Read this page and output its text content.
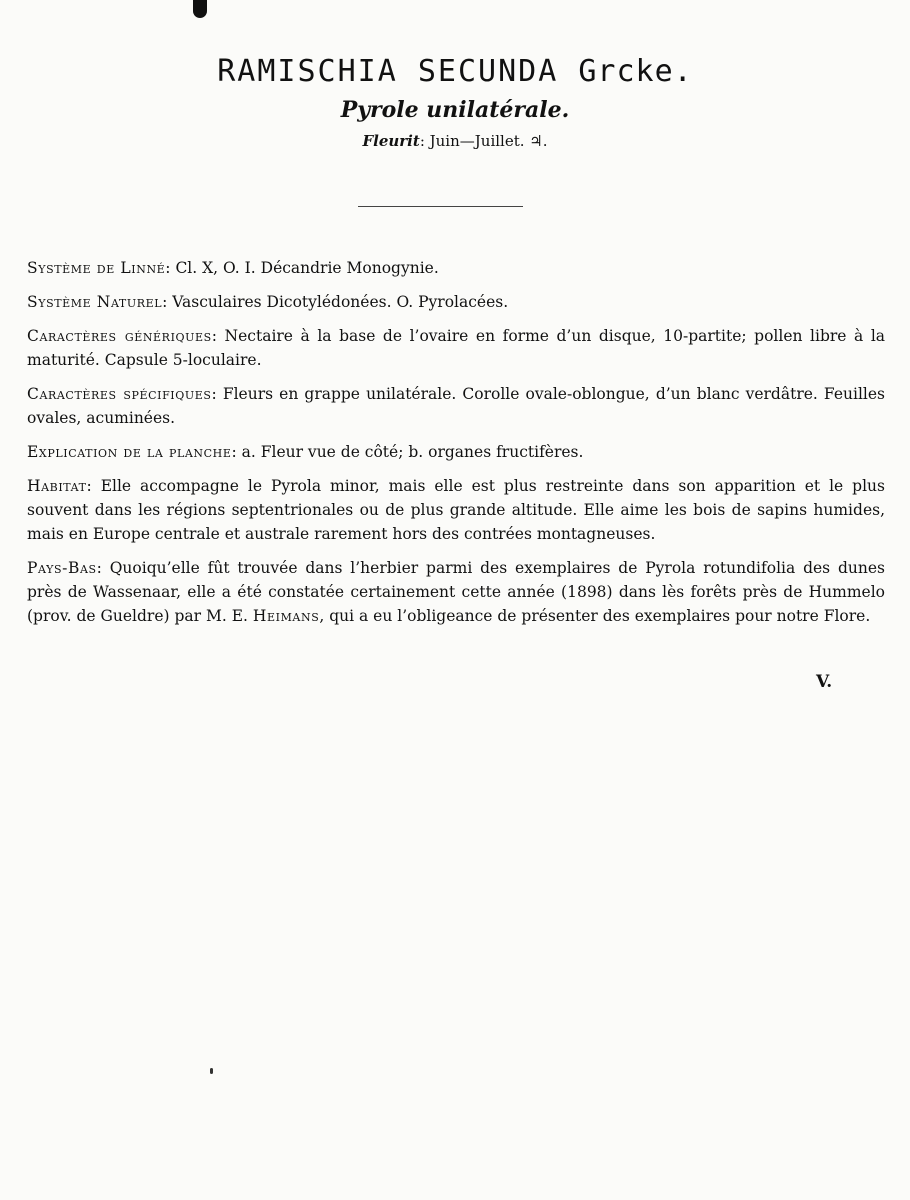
RAMISCHIA SECUNDA Grcke.
Pyrole unilatérale.
Fleurit: Juin—Juillet. ♃.

Système de Linné: Cl. X, O. I. Décandrie Monogynie.

Système Naturel: Vasculaires Dicotylédonées. O. Pyrolacées.

Caractères génériques: Nectaire à la base de l’ovaire en forme d’un disque, 10-partite; pollen libre à la maturité. Capsule 5-loculaire.

Caractères spécifiques: Fleurs en grappe unilatérale. Corolle ovale-oblongue, d’un blanc verdâtre. Feuilles ovales, acuminées.

Explication de la planche: a. Fleur vue de côté; b. organes fructifères.

Habitat: Elle accompagne le Pyrola minor, mais elle est plus restreinte dans son apparition et le plus souvent dans les régions septentrionales ou de plus grande altitude. Elle aime les bois de sapins humides, mais en Europe centrale et australe rarement hors des contrées montagneuses.

Pays-Bas: Quoiqu’elle fût trouvée dans l’herbier parmi des exemplaires de Pyrola rotundifolia des dunes près de Wassenaar, elle a été constatée certainement cette année (1898) dans lès forêts près de Hummelo (prov. de Gueldre) par M. E. Heimans, qui a eu l’obligeance de présenter des exemplaires pour notre Flore.

V.
